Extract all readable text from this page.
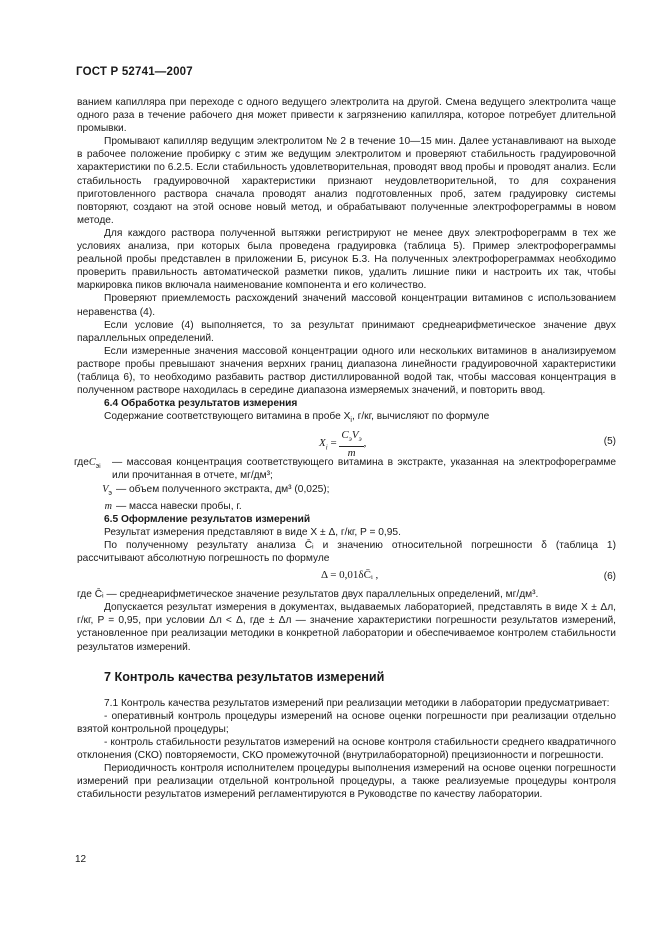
ГОСТ Р 52741—2007

ванием капилляра при переходе с одного ведущего электролита на другой. Смена ведущего электролита чаще одного раза в течение рабочего дня может привести к загрязнению капилляра, которое потребует длительной промывки.

Промывают капилляр ведущим электролитом № 2 в течение 10—15 мин. Далее устанавливают на выходе в рабочее положение пробирку с этим же ведущим электролитом и проверяют стабильность градуировочной характеристики по 6.2.5. Если стабильность удовлетворительная, проводят ввод пробы и проводят анализ. Если стабильность градуировочной характеристики признают неудовлетворительной, то для сохранения приготовленного раствора сначала проводят анализ подготовленных проб, затем градуировку системы повторяют, создают на этой основе новый метод, и обрабатывают полученные электрофореграммы в новом методе.

Для каждого раствора полученной вытяжки регистрируют не менее двух электрофореграмм в тех же условиях анализа, при которых была проведена градуировка (таблица 5). Пример электрофореграммы реальной пробы представлен в приложении Б, рисунок Б.3. На полученных электрофореграммах необходимо проверить правильность автоматической разметки пиков, удалить лишние пики и настроить их так, чтобы маркировка пиков включала наименование компонента и его количество.

Проверяют приемлемость расхождений значений массовой концентрации витаминов с использованием неравенства (4).

Если условие (4) выполняется, то за результат принимают среднеарифметическое значение двух параллельных определений.

Если измеренные значения массовой концентрации одного или нескольких витаминов в анализируемом растворе пробы превышают значения верхних границ диапазона линейности градуировочной характеристики (таблица 6), то необходимо разбавить раствор дистиллированной водой так, чтобы массовая концентрация в полученном растворе находилась в середине диапазона измеряемых значений, и повторить ввод.

6.4 Обработка результатов измерения

Содержание соответствующего витамина в пробе $X_i$, г/кг, вычисляют по формуле

$X_i = \frac{C_эV_э}{m}$ ,	(5)
гдеC$_{эi}$	— массовая концентрация соответствующего витамина в экстракте, указанная на электрофореграмме или прочитанная в отчете, мг/дм³;
$V_э$ — объем полученного экстракта, дм³ (0,025);
m — масса навески пробы, г.
6.5 Оформление результатов измерений

Результат измерения представляют в виде X ± Δ, г/кг, P = 0,95.

По полученному результату анализа C̄ᵢ и значению относительной погрешности δ (таблица 1) рассчитывают абсолютную погрешность по формуле

Δ = 0,01δC̄ᵢ ,	(6)

где C̄ᵢ — среднеарифметическое значение результатов двух параллельных определений, мг/дм³.

Допускается результат измерения в документах, выдаваемых лабораторией, представлять в виде X ± Δл, г/кг, P = 0,95, при условии Δл < Δ, где ± Δл — значение характеристики погрешности результатов измерений, установленное при реализации методики в конкретной лаборатории и обеспечиваемое контролем стабильности результатов измерений.

7 Контроль качества результатов измерений

7.1 Контроль качества результатов измерений при реализации методики в лаборатории предусматривает:

- оперативный контроль процедуры измерений на основе оценки погрешности при реализации отдельно взятой контрольной процедуры;

- контроль стабильности результатов измерений на основе контроля стабильности среднего квадратичного отклонения (СКО) повторяемости, СКО промежуточной (внутрилабораторной) прецизионности и погрешности.

Периодичность контроля исполнителем процедуры выполнения измерений на основе оценки погрешности измерений при реализации отдельной контрольной процедуры, а также реализуемые процедуры контроля стабильности результатов измерений регламентируются в Руководстве по качеству лаборатории.

12
